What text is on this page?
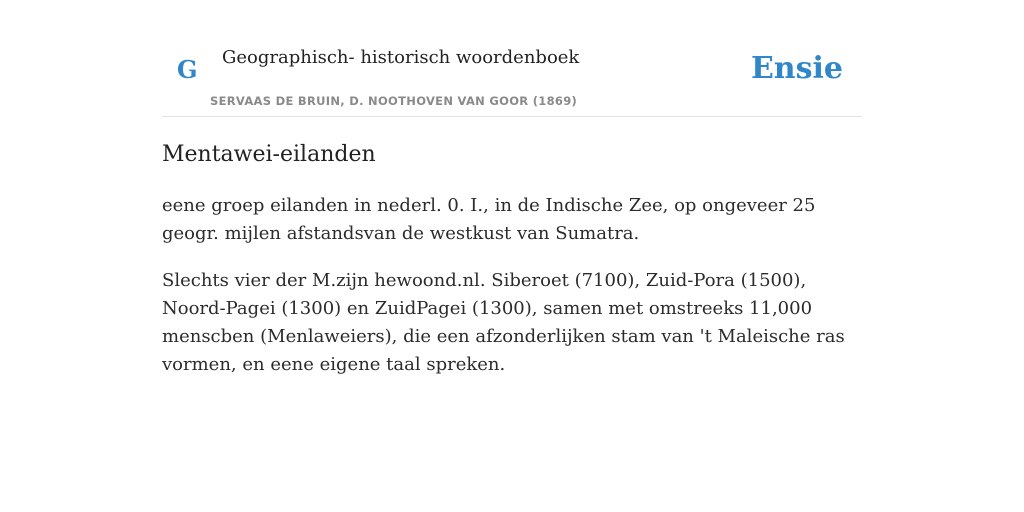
G Geographisch- historisch woordenboek
SERVAAS DE BRUIN, D. NOOTHOVEN VAN GOOR (1869)
Ensie
Mentawei-eilanden

eene groep eilanden in nederl. 0. I., in de Indische Zee, op ongeveer 25 geogr. mijlen afstandsvan de westkust van Sumatra.

Slechts vier der M.zijn hewoond.nl. Siberoet (7100), Zuid-Pora (1500), Noord-Pagei (1300) en ZuidPagei (1300), samen met omstreeks 11,000 menscben (Menlaweiers), die een afzonderlijken stam van 't Maleische ras vormen, en eene eigene taal spreken.
